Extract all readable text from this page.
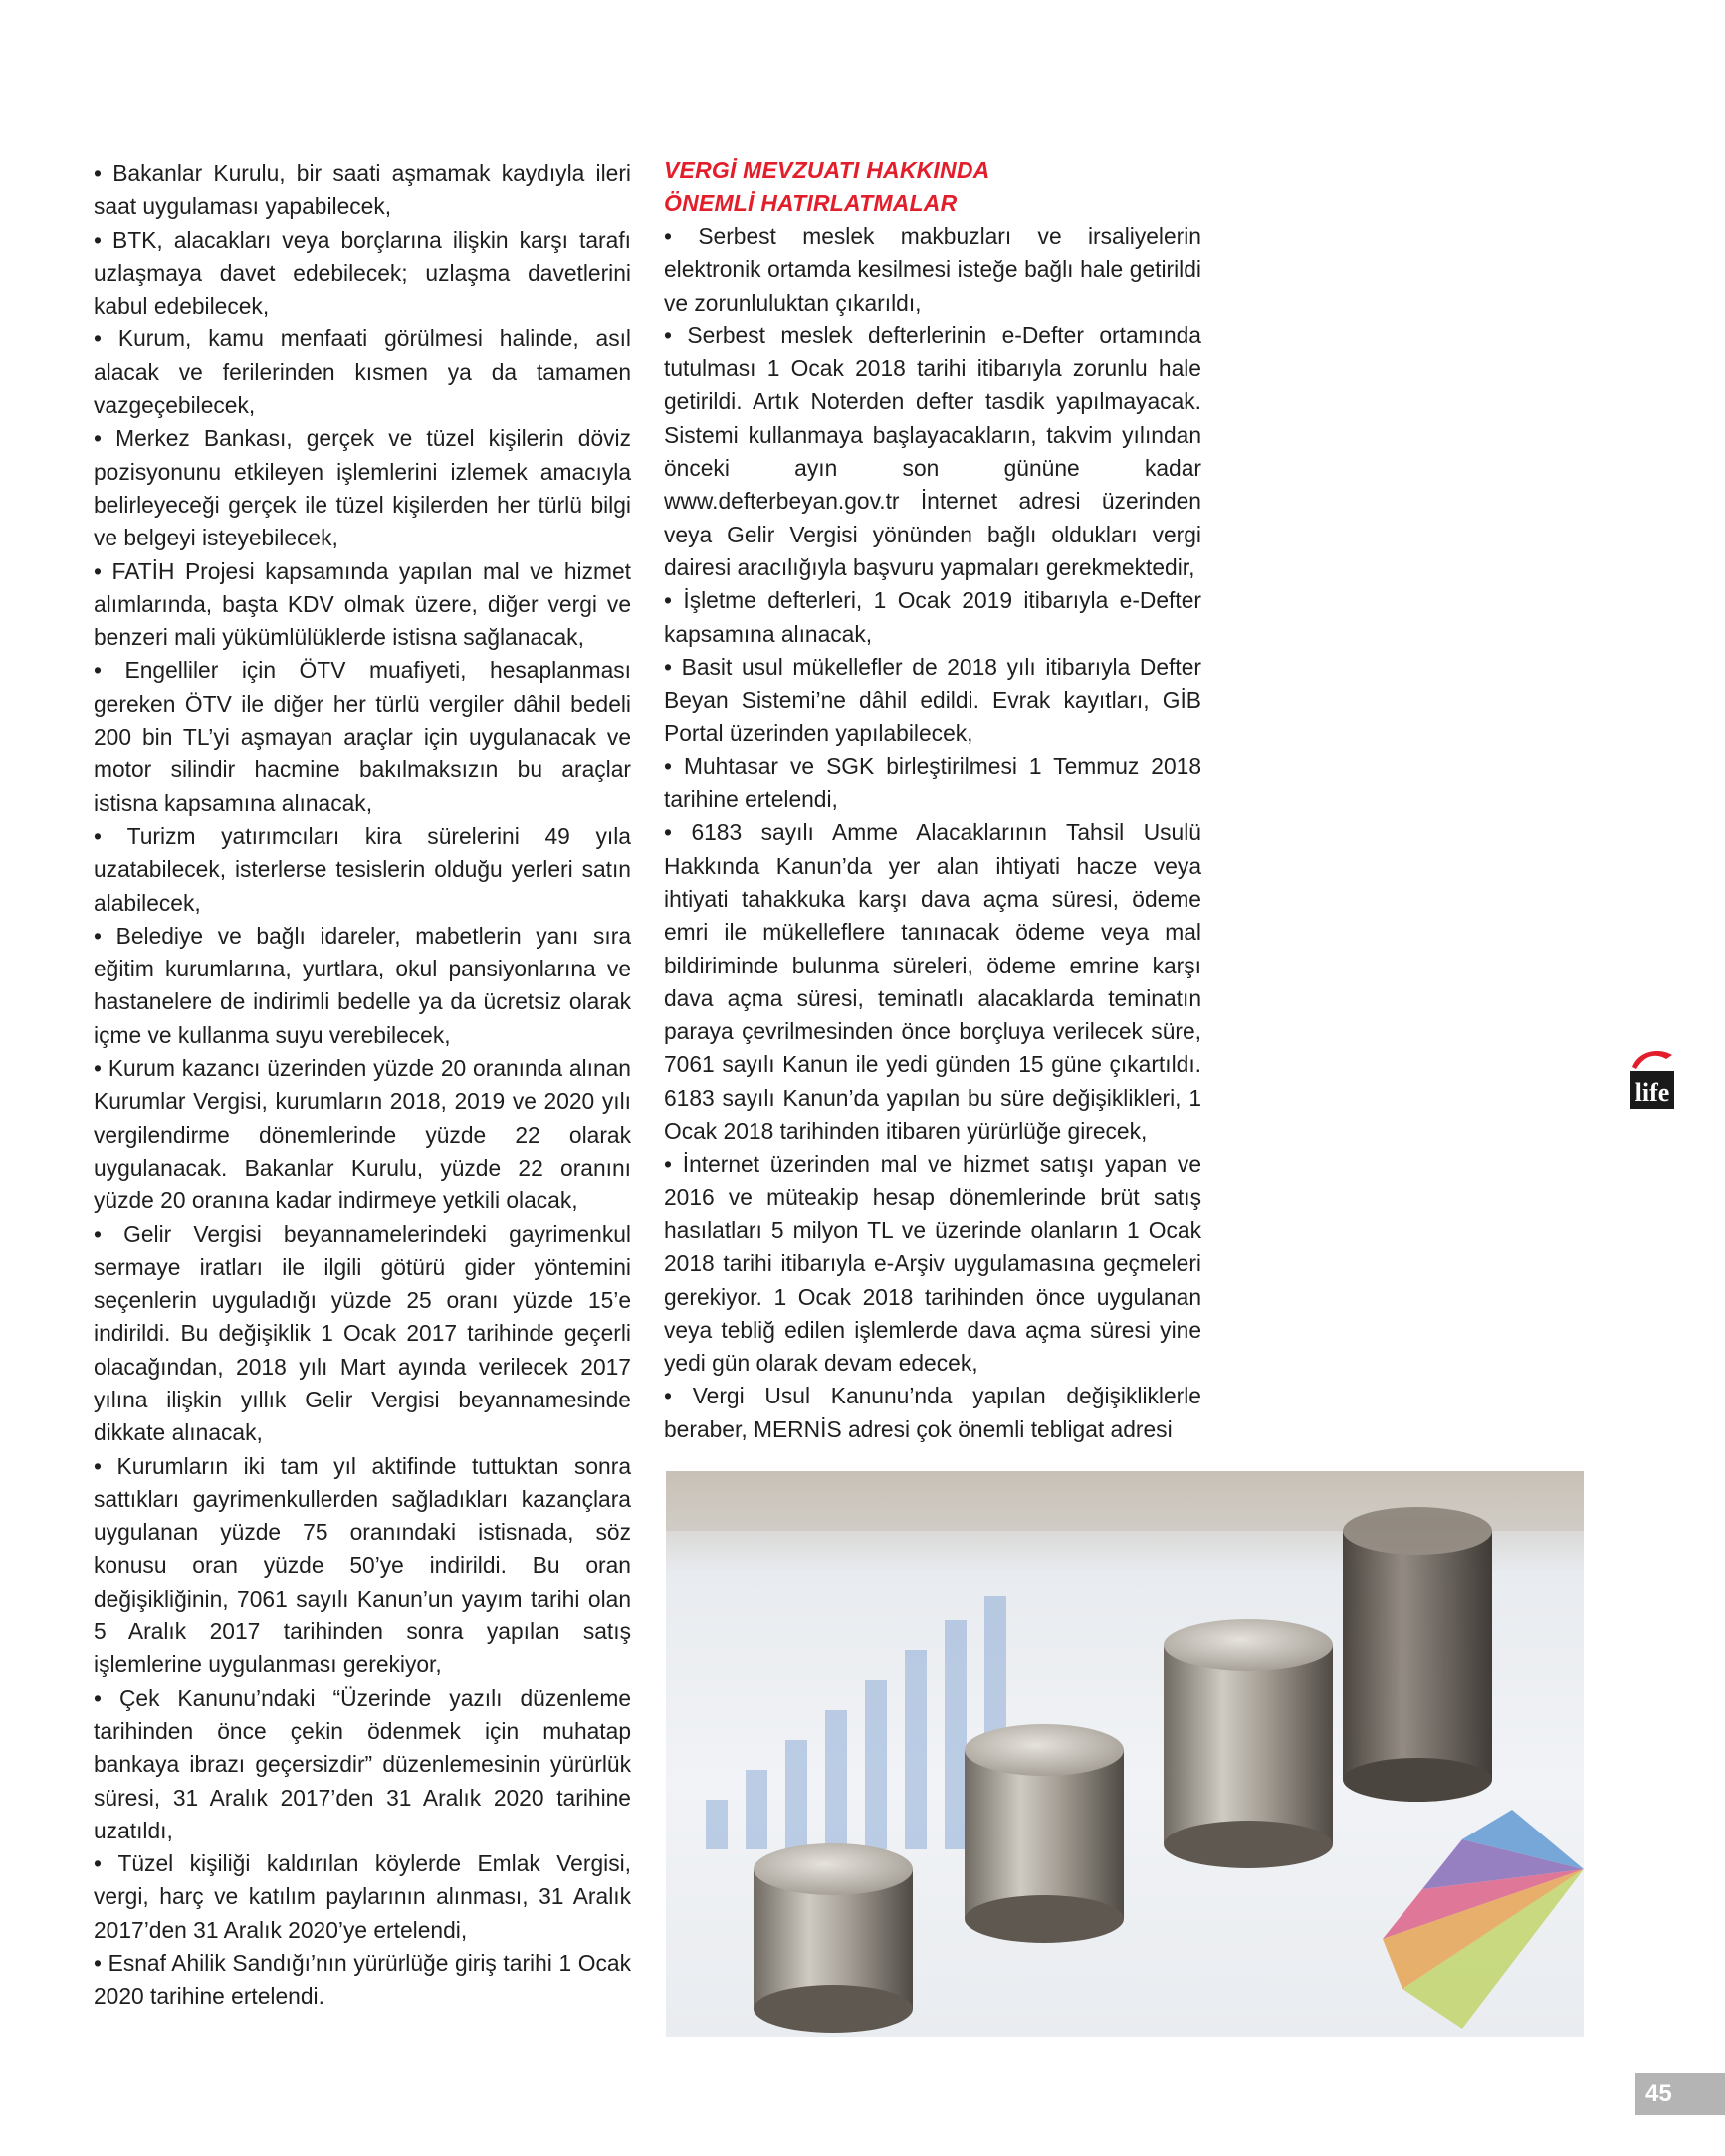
• Bakanlar Kurulu, bir saati aşmamak kaydıyla ileri saat uygulaması yapabilecek,

• BTK, alacakları veya borçlarına ilişkin karşı tarafı uzlaşmaya davet edebilecek; uzlaşma davetlerini kabul edebilecek,

• Kurum, kamu menfaati görülmesi halinde, asıl alacak ve ferilerinden kısmen ya da tamamen vazgeçebilecek,

• Merkez Bankası, gerçek ve tüzel kişilerin döviz pozisyonunu etkileyen işlemlerini izlemek amacıyla belirleyeceği gerçek ile tüzel kişilerden her türlü bilgi ve belgeyi isteyebilecek,

• FATİH Projesi kapsamında yapılan mal ve hizmet alımlarında, başta KDV olmak üzere, diğer vergi ve benzeri mali yükümlülüklerde istisna sağlanacak,

• Engelliler için ÖTV muafiyeti, hesaplanması gereken ÖTV ile diğer her türlü vergiler dâhil bedeli 200 bin TL’yi aşmayan araçlar için uygulanacak ve motor silindir hacmine bakılmaksızın bu araçlar istisna kapsamına alınacak,

• Turizm yatırımcıları kira sürelerini 49 yıla uzatabilecek, isterlerse tesislerin olduğu yerleri satın alabilecek,

• Belediye ve bağlı idareler, mabetlerin yanı sıra eğitim kurumlarına, yurtlara, okul pansiyonlarına ve hastanelere de indirimli bedelle ya da ücretsiz olarak içme ve kullanma suyu verebilecek,

• Kurum kazancı üzerinden yüzde 20 oranında alınan Kurumlar Vergisi, kurumların 2018, 2019 ve 2020 yılı vergilendirme dönemlerinde yüzde 22 olarak uygulanacak. Bakanlar Kurulu, yüzde 22 oranını yüzde 20 oranına kadar indirmeye yetkili olacak,

• Gelir Vergisi beyannamelerindeki gayrimenkul sermaye iratları ile ilgili götürü gider yöntemini seçenlerin uyguladığı yüzde 25 oranı yüzde 15’e indirildi. Bu değişiklik 1 Ocak 2017 tarihinde geçerli olacağından, 2018 yılı Mart ayında verilecek 2017 yılına ilişkin yıllık Gelir Vergisi beyannamesinde dikkate alınacak,

• Kurumların iki tam yıl aktifinde tuttuktan sonra sattıkları gayrimenkullerden sağladıkları kazançlara uygulanan yüzde 75 oranındaki istisnada, söz konusu oran yüzde 50’ye indirildi. Bu oran değişikliğinin, 7061 sayılı Kanun’un yayım tarihi olan 5 Aralık 2017 tarihinden sonra yapılan satış işlemlerine uygulanması gerekiyor,

• Çek Kanunu’ndaki “Üzerinde yazılı düzenleme tarihinden önce çekin ödenmek için muhatap bankaya ibrazı geçersizdir” düzenlemesinin yürürlük süresi, 31 Aralık 2017’den 31 Aralık 2020 tarihine uzatıldı,

• Tüzel kişiliği kaldırılan köylerde Emlak Vergisi, vergi, harç ve katılım paylarının alınması, 31 Aralık 2017’den 31 Aralık 2020’ye ertelendi,

• Esnaf Ahilik Sandığı’nın yürürlüğe giriş tarihi 1 Ocak 2020 tarihine ertelendi.

VERGİ MEVZUATI HAKKINDA
ÖNEMLİ HATIRLATMALAR

• Serbest meslek makbuzları ve irsaliyelerin elektronik ortamda kesilmesi isteğe bağlı hale getirildi ve zorunluluktan çıkarıldı,

• Serbest meslek defterlerinin e-Defter ortamında tutulması 1 Ocak 2018 tarihi itibarıyla zorunlu hale getirildi. Artık Noterden defter tasdik yapılmayacak. Sistemi kullanmaya başlayacakların, takvim yılından önceki ayın son gününe kadar www.defterbeyan.gov.tr İnternet adresi üzerinden veya Gelir Vergisi yönünden bağlı oldukları vergi dairesi aracılığıyla başvuru yapmaları gerekmektedir,

• İşletme defterleri, 1 Ocak 2019 itibarıyla e-Defter kapsamına alınacak,

• Basit usul mükellefler de 2018 yılı itibarıyla Defter Beyan Sistemi’ne dâhil edildi. Evrak kayıtları, GİB Portal üzerinden yapılabilecek,

• Muhtasar ve SGK birleştirilmesi 1 Temmuz 2018 tarihine ertelendi,

• 6183 sayılı Amme Alacaklarının Tahsil Usulü Hakkında Kanun’da yer alan ihtiyati hacze veya ihtiyati tahakkuka karşı dava açma süresi, ödeme emri ile mükelleflere tanınacak ödeme veya mal bildiriminde bulunma süreleri, ödeme emrine karşı dava açma süresi, teminatlı alacaklarda teminatın paraya çevrilmesinden önce borçluya verilecek süre, 7061 sayılı Kanun ile yedi günden 15 güne çıkartıldı. 6183 sayılı Kanun’da yapılan bu süre değişiklikleri, 1 Ocak 2018 tarihinden itibaren yürürlüğe girecek,

• İnternet üzerinden mal ve hizmet satışı yapan ve 2016 ve müteakip hesap dönemlerinde brüt satış hasılatları 5 milyon TL ve üzerinde olanların 1 Ocak 2018 tarihi itibarıyla e-Arşiv uygulamasına geçmeleri gerekiyor. 1 Ocak 2018 tarihinden önce uygulanan veya tebliğ edilen işlemlerde dava açma süresi yine yedi gün olarak devam edecek,

• Vergi Usul Kanunu’nda yapılan değişikliklerle beraber, MERNİS adresi çok önemli tebligat adresi

life
45
